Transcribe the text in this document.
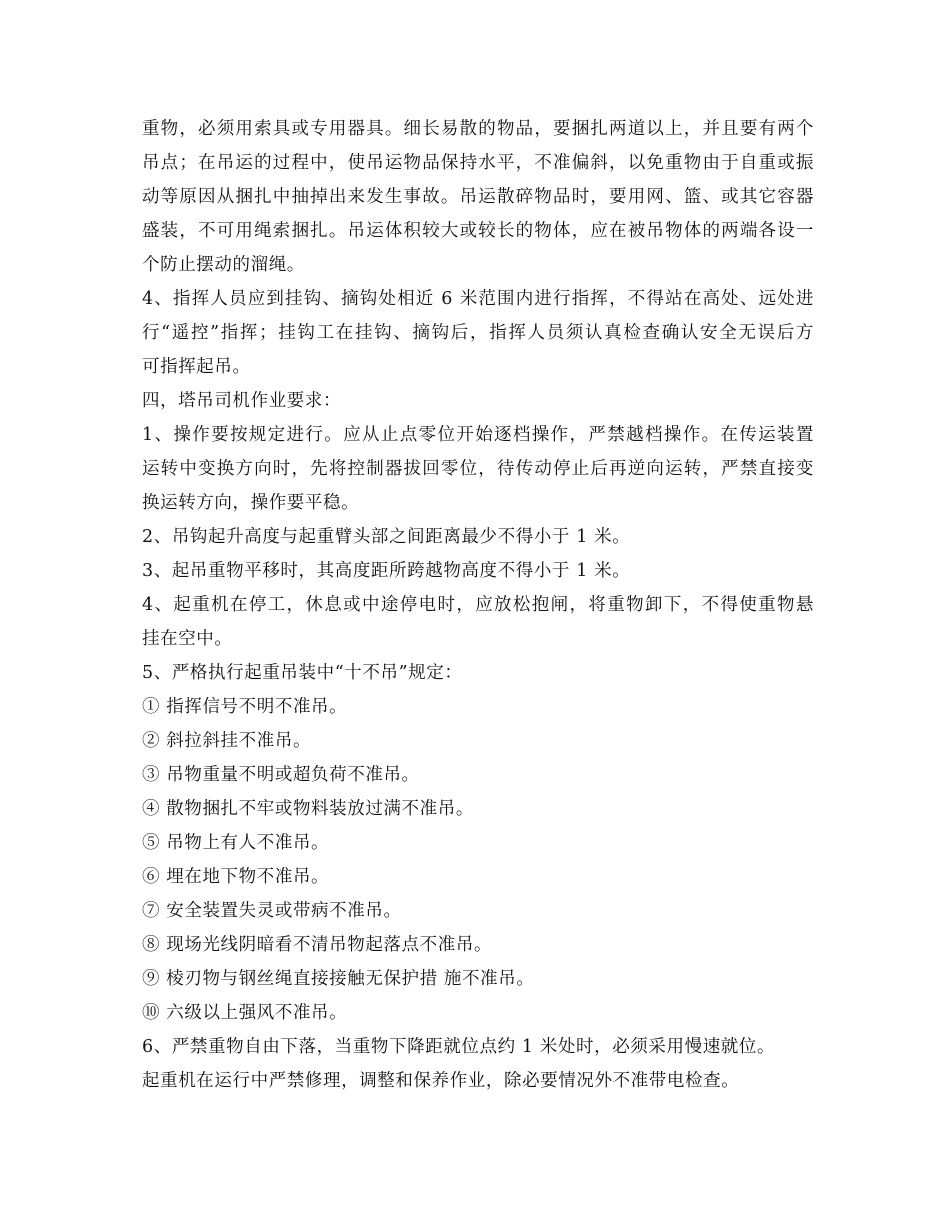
重物，必须用索具或专用器具。细长易散的物品，要捆扎两道以上，并且要有两个
吊点；在吊运的过程中，使吊运物品保持水平，不准偏斜，以免重物由于自重或振
动等原因从捆扎中抽掉出来发生事故。吊运散碎物品时，要用网、篮、或其它容器
盛装，不可用绳索捆扎。吊运体积较大或较长的物体，应在被吊物体的两端各设一
个防止摆动的溜绳。
4、指挥人员应到挂钩、摘钩处相近 6 米范围内进行指挥，不得站在高处、远处进
行“遥控”指挥；挂钩工在挂钩、摘钩后，指挥人员须认真检查确认安全无误后方
可指挥起吊。
四，塔吊司机作业要求：
1、操作要按规定进行。应从止点零位开始逐档操作，严禁越档操作。在传运装置
运转中变换方向时，先将控制器拔回零位，待传动停止后再逆向运转，严禁直接变
换运转方向，操作要平稳。
2、吊钩起升高度与起重臂头部之间距离最少不得小于 1 米。
3、起吊重物平移时，其高度距所跨越物高度不得小于 1 米。
4、起重机在停工，休息或中途停电时，应放松抱闸，将重物卸下，不得使重物悬
挂在空中。
5、严格执行起重吊装中“十不吊”规定：
① 指挥信号不明不准吊。
② 斜拉斜挂不准吊。
③ 吊物重量不明或超负荷不准吊。
④ 散物捆扎不牢或物料装放过满不准吊。
⑤ 吊物上有人不准吊。
⑥ 埋在地下物不准吊。
⑦ 安全装置失灵或带病不准吊。
⑧ 现场光线阴暗看不清吊物起落点不准吊。
⑨ 棱刃物与钢丝绳直接接触无保护措 施不准吊。
⑩ 六级以上强风不准吊。
6、严禁重物自由下落，当重物下降距就位点约 1 米处时，必须采用慢速就位。
起重机在运行中严禁修理，调整和保养作业，除必要情况外不准带电检查。
